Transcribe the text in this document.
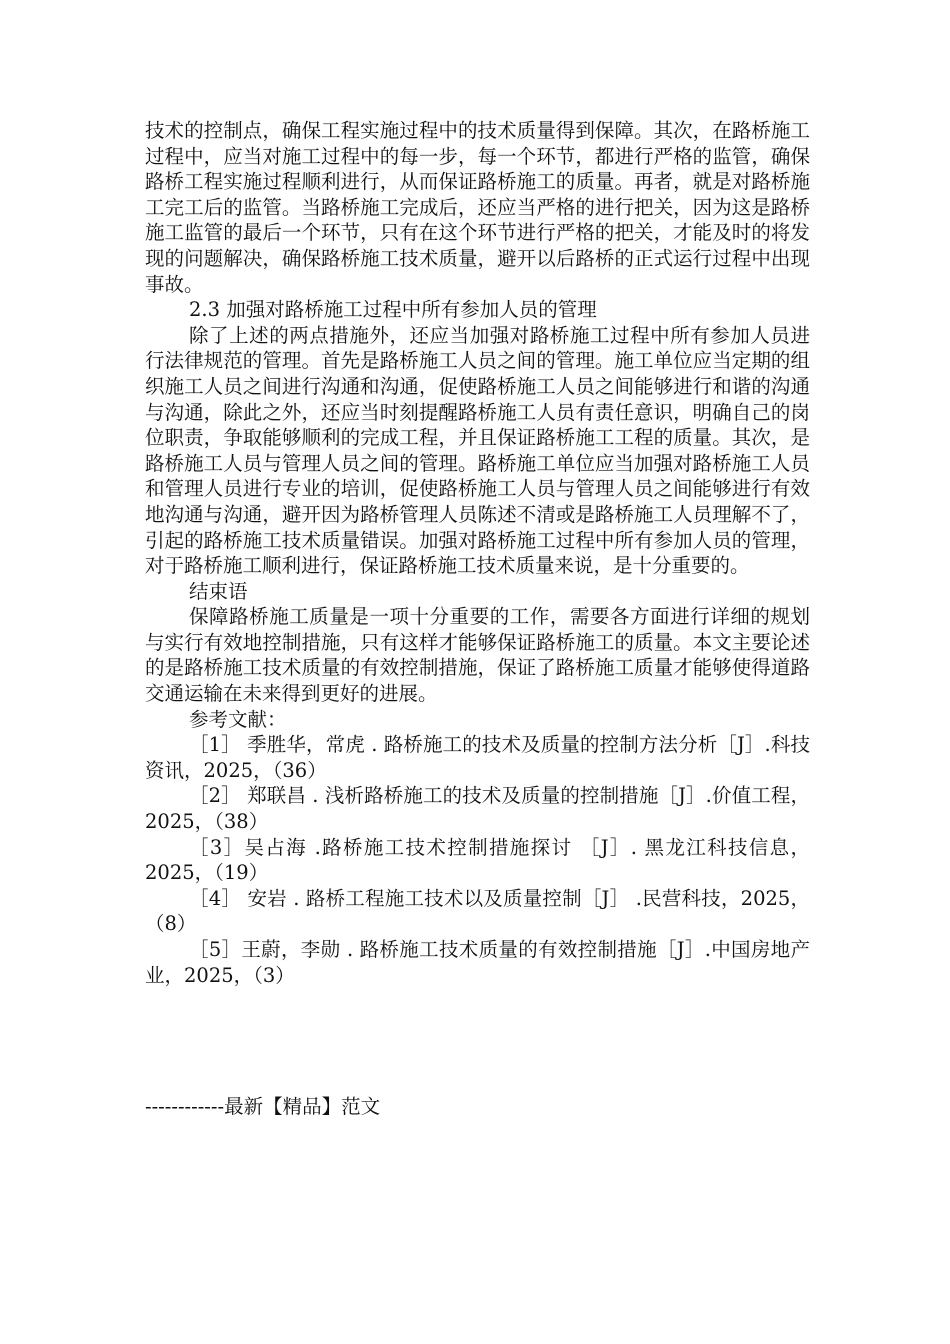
技术的控制点，确保工程实施过程中的技术质量得到保障。其次，在路桥施工过程中，应当对施工过程中的每一步，每一个环节，都进行严格的监管，确保路桥工程实施过程顺利进行，从而保证路桥施工的质量。再者，就是对路桥施工完工后的监管。当路桥施工完成后，还应当严格的进行把关，因为这是路桥施工监管的最后一个环节，只有在这个环节进行严格的把关，才能及时的将发现的问题解决，确保路桥施工技术质量，避开以后路桥的正式运行过程中出现事故。

2.3 加强对路桥施工过程中所有参加人员的管理

除了上述的两点措施外，还应当加强对路桥施工过程中所有参加人员进行法律规范的管理。首先是路桥施工人员之间的管理。施工单位应当定期的组织施工人员之间进行沟通和沟通，促使路桥施工人员之间能够进行和谐的沟通与沟通，除此之外，还应当时刻提醒路桥施工人员有责任意识，明确自己的岗位职责，争取能够顺利的完成工程，并且保证路桥施工工程的质量。其次，是路桥施工人员与管理人员之间的管理。路桥施工单位应当加强对路桥施工人员和管理人员进行专业的培训，促使路桥施工人员与管理人员之间能够进行有效地沟通与沟通，避开因为路桥管理人员陈述不清或是路桥施工人员理解不了，引起的路桥施工技术质量错误。加强对路桥施工过程中所有参加人员的管理，对于路桥施工顺利进行，保证路桥施工技术质量来说，是十分重要的。

结束语

保障路桥施工质量是一项十分重要的工作，需要各方面进行详细的规划与实行有效地控制措施，只有这样才能够保证路桥施工的质量。本文主要论述的是路桥施工技术质量的有效控制措施，保证了路桥施工质量才能够使得道路交通运输在未来得到更好的进展。

参考文献：

［1］ 季胜华，常虎 . 路桥施工的技术及质量的控制方法分析［J］.科技资讯，2025，（36）

［2］ 郑联昌 . 浅析路桥施工的技术及质量的控制措施［J］.价值工程，2025，（38）

［3］吴占海 .路桥施工技术控制措施探讨 ［J］. 黑龙江科技信息，2025，（19）

［4］ 安岩 . 路桥工程施工技术以及质量控制［J］ .民营科技，2025，（8）

［5］王蔚，李勋 . 路桥施工技术质量的有效控制措施［J］.中国房地产业，2025，（3）

------------最新【精品】范文
